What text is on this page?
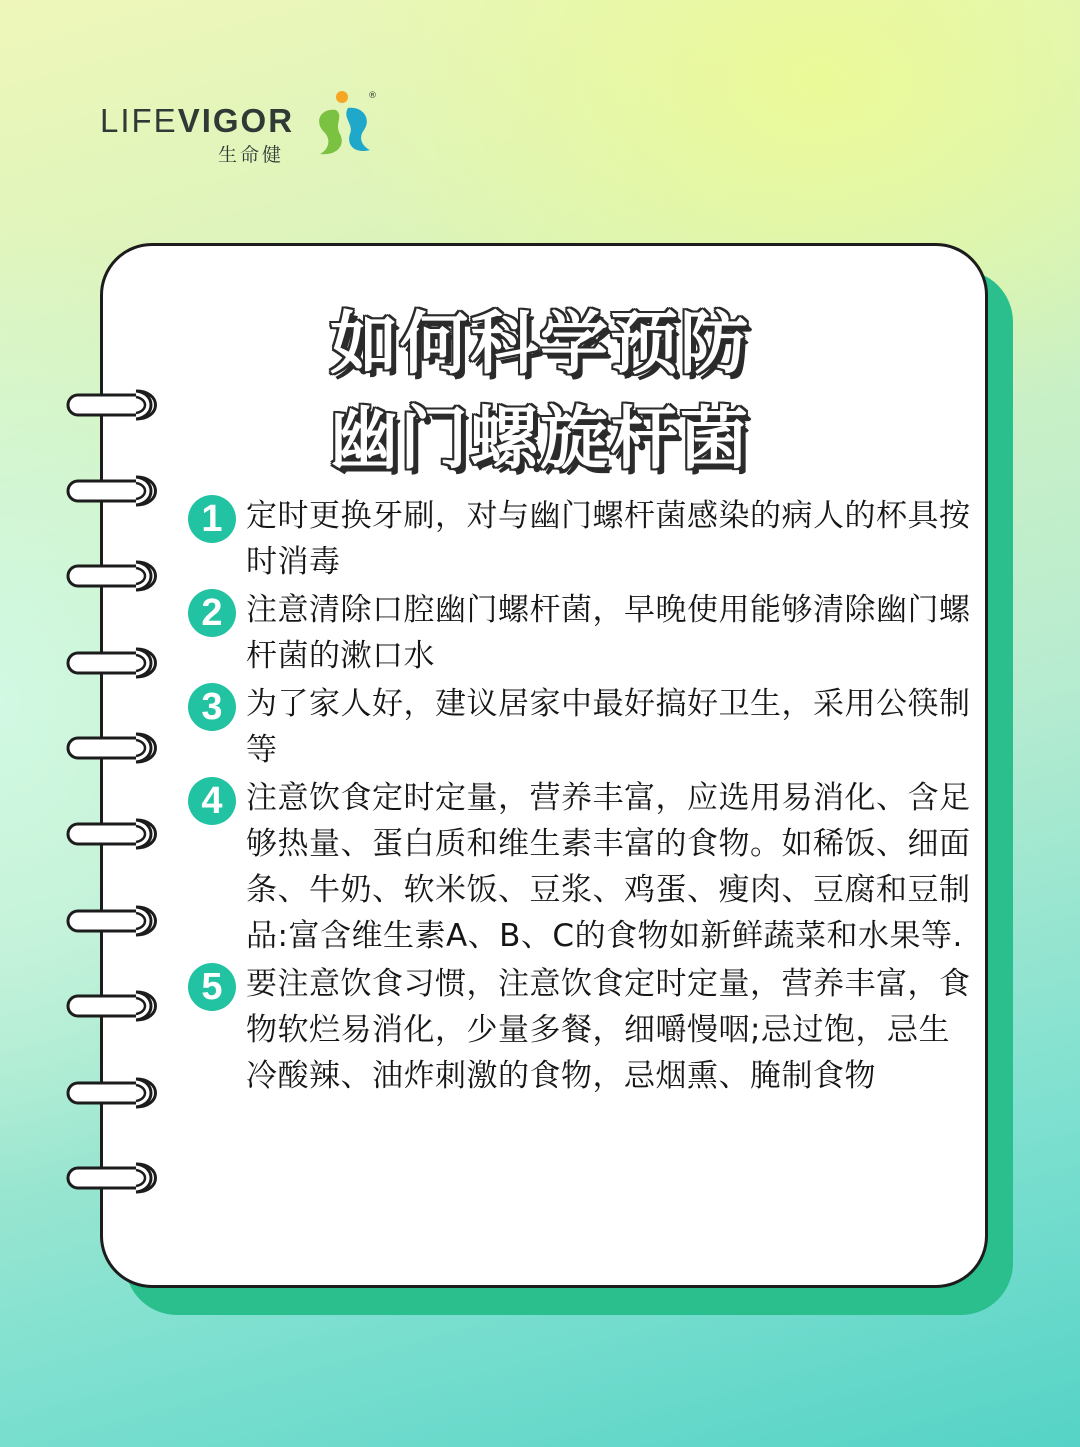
LIFEVIGOR
生命健
®
如何科学预防
幽门螺旋杆菌
1 定时更换牙刷，对与幽门螺杆菌感染的病人的杯具按时消毒
2 注意清除口腔幽门螺杆菌，早晚使用能够清除幽门螺杆菌的漱口水
3 为了家人好，建议居家中最好搞好卫生，采用公筷制等
4 注意饮食定时定量，营养丰富，应选用易消化、含足够热量、蛋白质和维生素丰富的食物。如稀饭、细面条、牛奶、软米饭、豆浆、鸡蛋、瘦肉、豆腐和豆制品:富含维生素A、B、C的食物如新鲜蔬菜和水果等.
5 要注意饮食习惯，注意饮食定时定量，营养丰富，食物软烂易消化，少量多餐，细嚼慢咽;忌过饱，忌生冷酸辣、油炸刺激的食物，忌烟熏、腌制食物
